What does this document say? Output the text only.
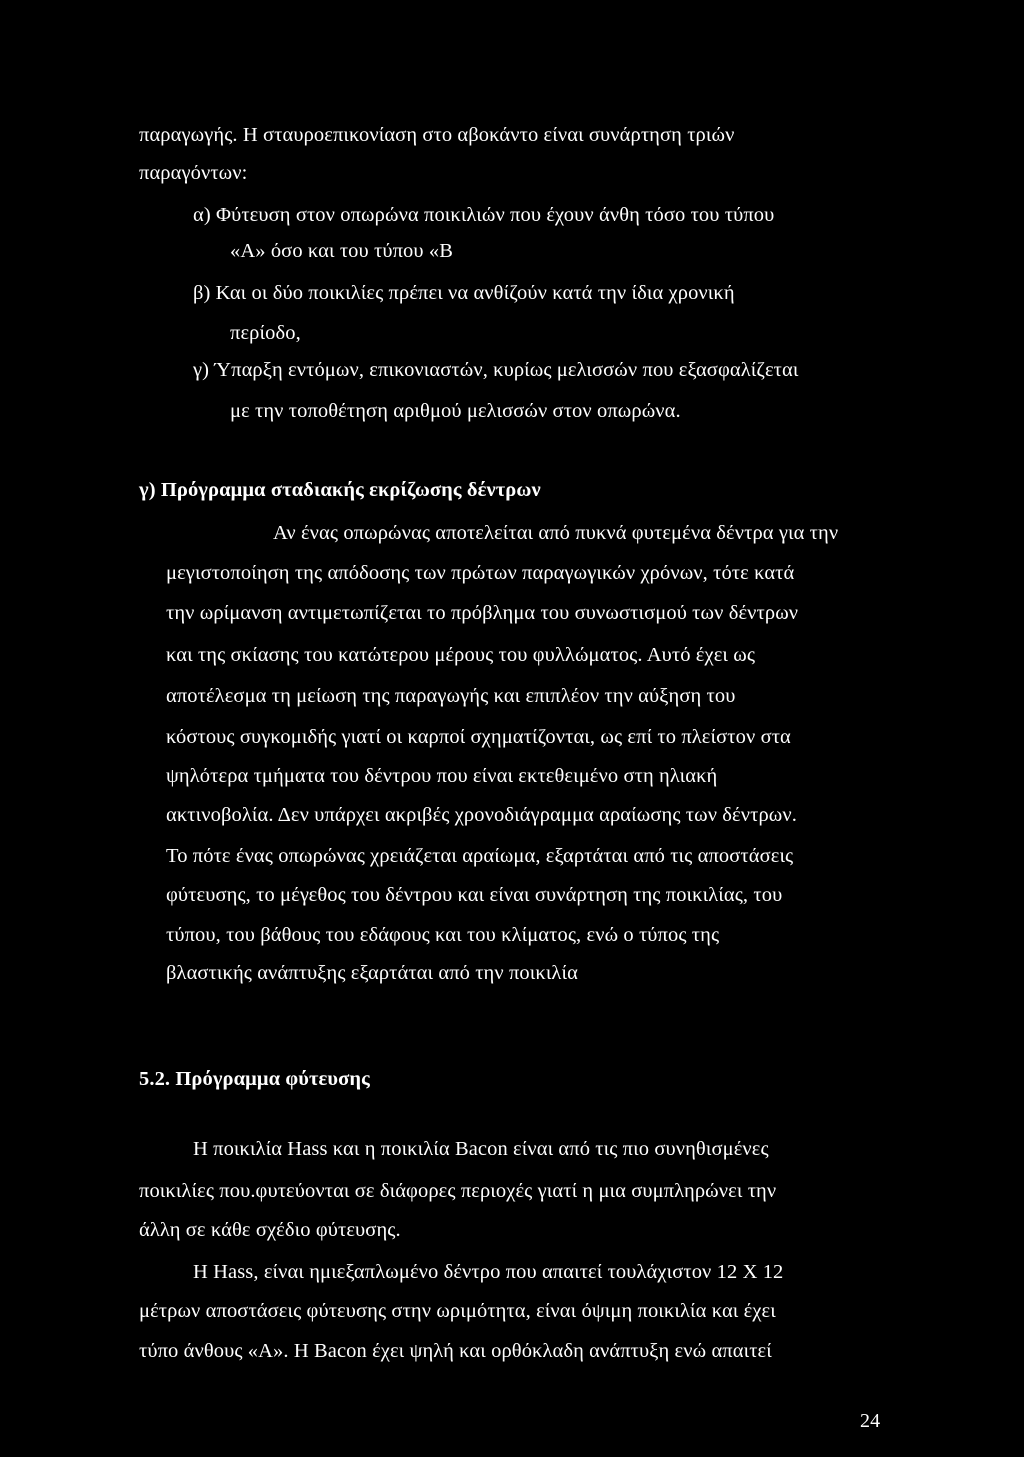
παραγωγής. Η σταυροεπικονίαση στο αβοκάντο είναι συνάρτηση τριών
παραγόντων:
α) Φύτευση στον οπωρώνα ποικιλιών που έχουν άνθη τόσο του τύπου
«Α» όσο και του τύπου «Β
β) Και οι δύο ποικιλίες πρέπει να ανθίζούν κατά την ίδια χρονική
περίοδο,
γ) Ύπαρξη εντόμων, επικονιαστών, κυρίως μελισσών που εξασφαλίζεται
με την τοποθέτηση αριθμού μελισσών στον οπωρώνα.
γ) Πρόγραμμα σταδιακής εκρίζωσης δέντρων
Αν ένας οπωρώνας αποτελείται από πυκνά φυτεμένα δέντρα για την
μεγιστοποίηση της απόδοσης των πρώτων παραγωγικών χρόνων, τότε κατά
την ωρίμανση αντιμετωπίζεται το πρόβλημα του συνωστισμού των δέντρων
και της σκίασης του κατώτερου μέρους του φυλλώματος. Αυτό έχει ως
αποτέλεσμα τη μείωση της παραγωγής και επιπλέον την αύξηση του
κόστους συγκομιδής γιατί οι καρποί σχηματίζονται, ως επί το πλείστον στα
ψηλότερα τμήματα του δέντρου που είναι εκτεθειμένο στη ηλιακή
ακτινοβολία. Δεν υπάρχει ακριβές χρονοδιάγραμμα αραίωσης των δέντρων.
Το πότε ένας οπωρώνας χρειάζεται αραίωμα, εξαρτάται από τις αποστάσεις
φύτευσης, το μέγεθος του δέντρου και είναι συνάρτηση της ποικιλίας, του
τύπου, του βάθους του εδάφους και του κλίματος, ενώ ο τύπος της
βλαστικής ανάπτυξης εξαρτάται από την ποικιλία
5.2. Πρόγραμμα φύτευσης
Η ποικιλία Hass και η ποικιλία Bacon είναι από τις πιο συνηθισμένες
ποικιλίες που.φυτεύονται σε διάφορες περιοχές γιατί η μια συμπληρώνει την
άλλη σε κάθε σχέδιο φύτευσης.
Η Hass, είναι ημιεξαπλωμένο δέντρο που απαιτεί τουλάχιστον 12 Χ 12
μέτρων αποστάσεις φύτευσης στην ωριμότητα, είναι όψιμη ποικιλία και έχει
τύπο άνθους «Α». Η Bacon έχει ψηλή και ορθόκλαδη ανάπτυξη ενώ απαιτεί
24
